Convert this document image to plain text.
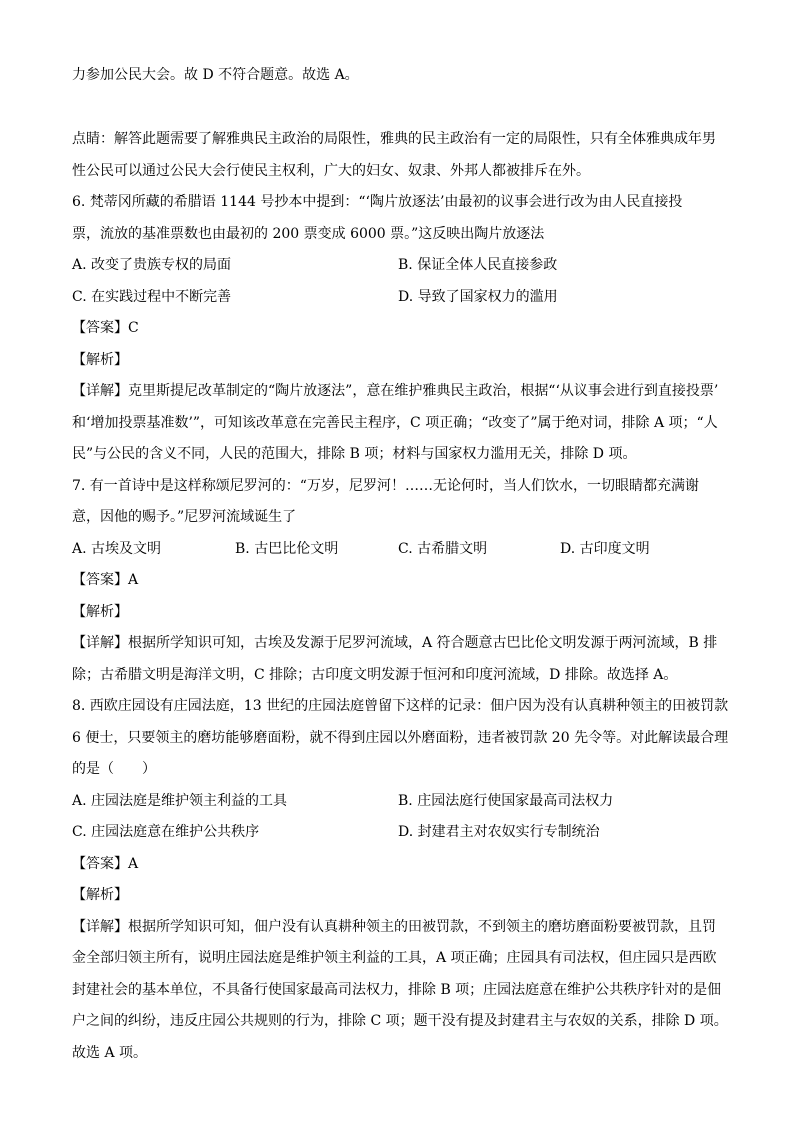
力参加公民大会。故 D 不符合题意。故选 A。
点睛：解答此题需要了解雅典民主政治的局限性，雅典的民主政治有一定的局限性，只有全体雅典成年男
性公民可以通过公民大会行使民主权利，广大的妇女、奴隶、外邦人都被排斥在外。
6. 梵蒂冈所藏的希腊语 1144 号抄本中提到：“‘陶片放逐法’由最初的议事会进行改为由人民直接投
票，流放的基准票数也由最初的 200 票变成 6000 票。”这反映出陶片放逐法
A. 改变了贵族专权的局面	B. 保证全体人民直接参政
C. 在实践过程中不断完善	D. 导致了国家权力的滥用
【答案】C
【解析】
【详解】克里斯提尼改革制定的“陶片放逐法”，意在维护雅典民主政治，根据“‘从议事会进行到直接投票’
和‘增加投票基准数’”，可知该改革意在完善民主程序，C 项正确；“改变了”属于绝对词，排除 A 项；“人
民”与公民的含义不同，人民的范围大，排除 B 项；材料与国家权力滥用无关，排除 D 项。
7. 有一首诗中是这样称颂尼罗河的：“万岁，尼罗河！……无论何时，当人们饮水，一切眼睛都充满谢
意，因他的赐予。”尼罗河流域诞生了
A. 古埃及文明	B. 古巴比伦文明	C. 古希腊文明	D. 古印度文明
【答案】A
【解析】
【详解】根据所学知识可知，古埃及发源于尼罗河流域，A 符合题意古巴比伦文明发源于两河流域，B 排
除；古希腊文明是海洋文明，C 排除；古印度文明发源于恒河和印度河流域，D 排除。故选择 A。
8. 西欧庄园设有庄园法庭，13 世纪的庄园法庭曾留下这样的记录：佃户因为没有认真耕种领主的田被罚款
6 便士，只要领主的磨坊能够磨面粉，就不得到庄园以外磨面粉，违者被罚款 20 先令等。对此解读最合理
的是（　　）
A. 庄园法庭是维护领主利益的工具	B. 庄园法庭行使国家最高司法权力
C. 庄园法庭意在维护公共秩序	D. 封建君主对农奴实行专制统治
【答案】A
【解析】
【详解】根据所学知识可知，佃户没有认真耕种领主的田被罚款，不到领主的磨坊磨面粉要被罚款，且罚
金全部归领主所有，说明庄园法庭是维护领主利益的工具，A 项正确；庄园具有司法权，但庄园只是西欧
封建社会的基本单位，不具备行使国家最高司法权力，排除 B 项；庄园法庭意在维护公共秩序针对的是佃
户之间的纠纷，违反庄园公共规则的行为，排除 C 项；题干没有提及封建君主与农奴的关系，排除 D 项。
故选 A 项。
